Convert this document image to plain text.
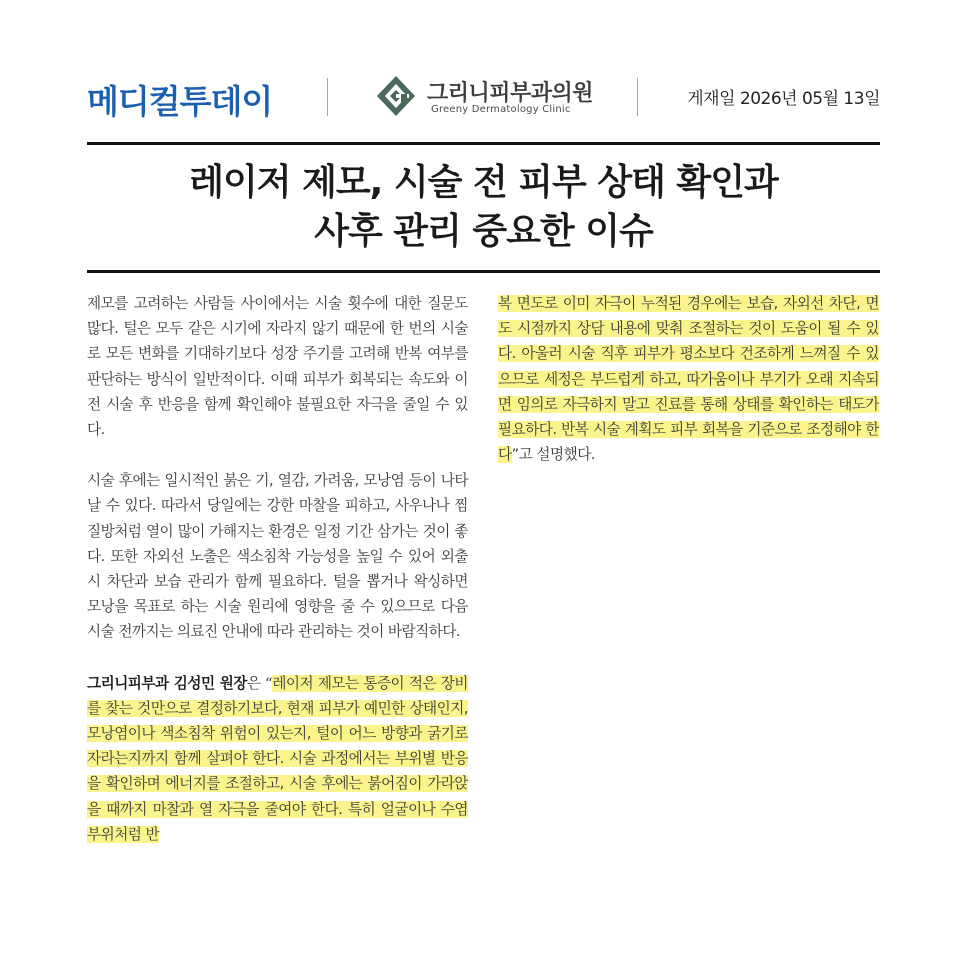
메디컬투데이	그리니피부과의원
Greeny Dermatology Clinic
게재일 2026년 05월 13일
레이저 제모, 시술 전 피부 상태 확인과
사후 관리 중요한 이슈

제모를 고려하는 사람들 사이에서는 시술 횟수에 대한 질문도 많다. 털은 모두 같은 시기에 자라지 않기 때문에 한 번의 시술로 모든 변화를 기대하기보다 성장 주기를 고려해 반복 여부를 판단하는 방식이 일반적이다. 이때 피부가 회복되는 속도와 이전 시술 후 반응을 함께 확인해야 불필요한 자극을 줄일 수 있다.

시술 후에는 일시적인 붉은 기, 열감, 가려움, 모낭염 등이 나타날 수 있다. 따라서 당일에는 강한 마찰을 피하고, 사우나나 찜질방처럼 열이 많이 가해지는 환경은 일정 기간 삼가는 것이 좋다. 또한 자외선 노출은 색소침착 가능성을 높일 수 있어 외출 시 차단과 보습 관리가 함께 필요하다. 털을 뽑거나 왁싱하면 모낭을 목표로 하는 시술 원리에 영향을 줄 수 있으므로 다음 시술 전까지는 의료진 안내에 따라 관리하는 것이 바람직하다.

그리니피부과 김성민 원장은 “레이저 제모는 통증이 적은 장비를 찾는 것만으로 결정하기보다, 현재 피부가 예민한 상태인지, 모낭염이나 색소침착 위험이 있는지, 털이 어느 방향과 굵기로 자라는지까지 함께 살펴야 한다. 시술 과정에서는 부위별 반응을 확인하며 에너지를 조절하고, 시술 후에는 붉어짐이 가라앉을 때까지 마찰과 열 자극을 줄여야 한다. 특히 얼굴이나 수염 부위처럼 반

복 면도로 이미 자극이 누적된 경우에는 보습, 자외선 차단, 면도 시점까지 상담 내용에 맞춰 조절하는 것이 도움이 될 수 있다. 아울러 시술 직후 피부가 평소보다 건조하게 느껴질 수 있으므로 세정은 부드럽게 하고, 따가움이나 부기가 오래 지속되면 임의로 자극하지 말고 진료를 통해 상태를 확인하는 태도가 필요하다. 반복 시술 계획도 피부 회복을 기준으로 조정해야 한다”고 설명했다.
